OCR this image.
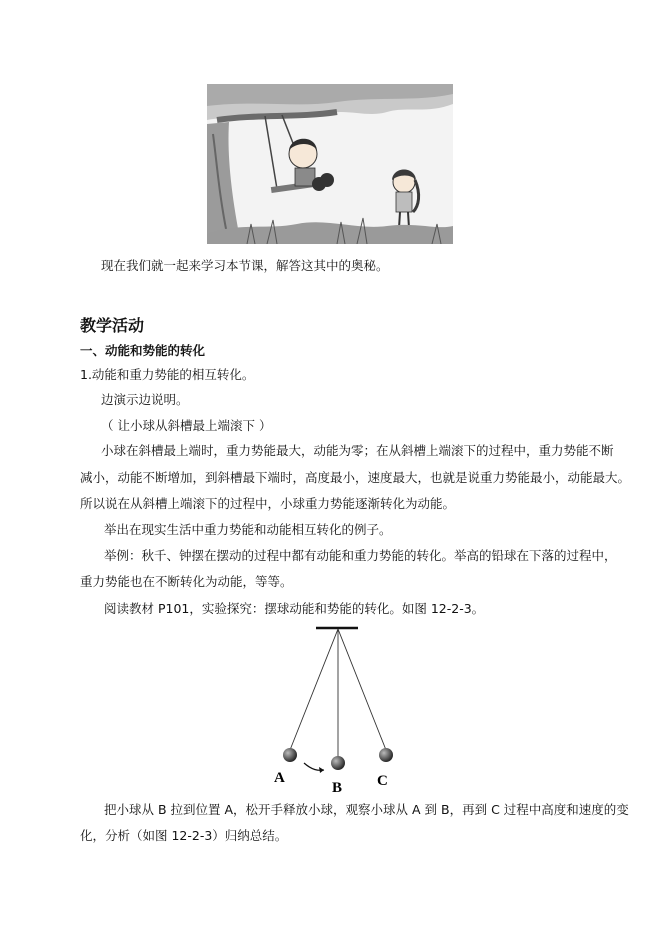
现在我们就一起来学习本节课，解答这其中的奥秘。
教学活动
一、动能和势能的转化
1.动能和重力势能的相互转化。
边演示边说明。
（ 让小球从斜槽最上端滚下 ）
小球在斜槽最上端时，重力势能最大，动能为零；在从斜槽上端滚下的过程中，重力势能不断
减小，动能不断增加，到斜槽最下端时，高度最小，速度最大，也就是说重力势能最小，动能最大。
所以说在从斜槽上端滚下的过程中，小球重力势能逐渐转化为动能。
举出在现实生活中重力势能和动能相互转化的例子。
举例：秋千、钟摆在摆动的过程中都有动能和重力势能的转化。举高的铅球在下落的过程中，
重力势能也在不断转化为动能，等等。
阅读教材 P101，实验探究：摆球动能和势能的转化。如图 12-2-3。
A
B C
把小球从 B 拉到位置 A，松开手释放小球，观察小球从 A 到 B，再到 C 过程中高度和速度的变
化，分析（如图 12-2-3）归纳总结。
